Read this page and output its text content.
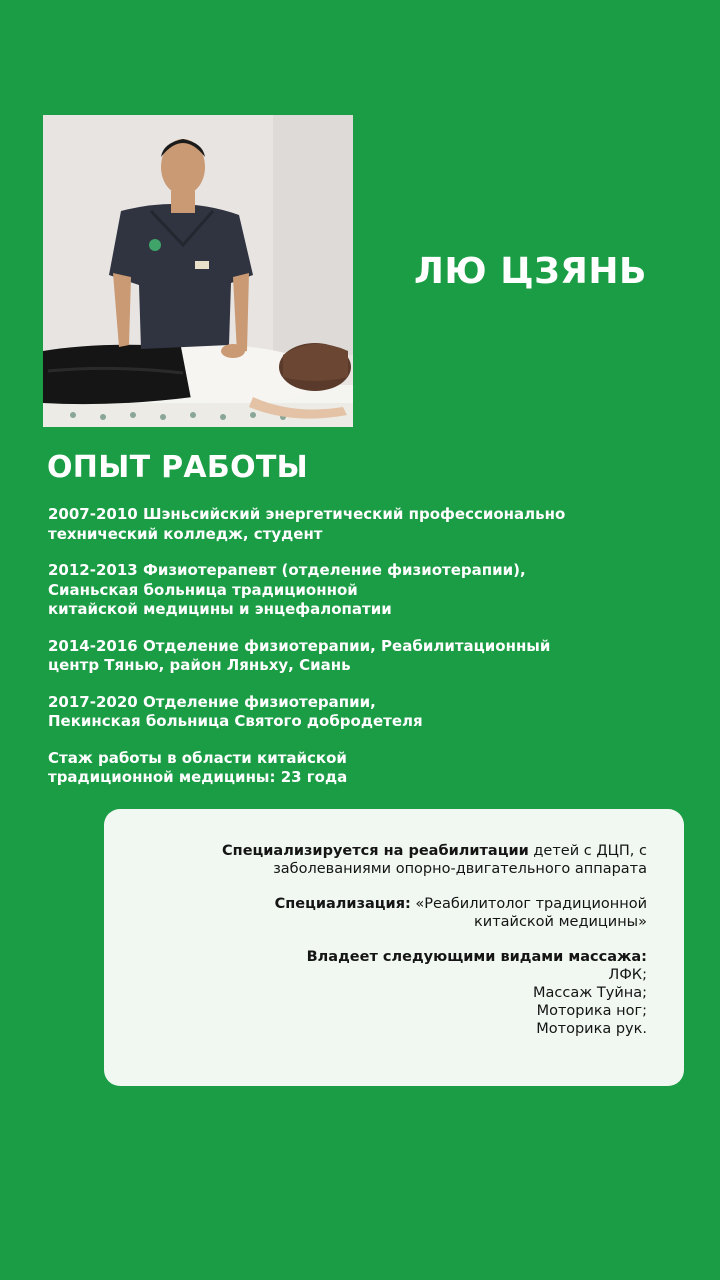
ЛЮ ЦЗЯНЬ
ОПЫТ РАБОТЫ
2007-2010 Шэньсийский энергетический профессионально
технический колледж, студент
2012-2013 Физиотерапевт (отделение физиотерапии),
Сианьская больница традиционной
китайской медицины и энцефалопатии
2014-2016 Отделение физиотерапии, Реабилитационный
центр Тянью, район Ляньху, Сиань
2017-2020 Отделение физиотерапии,
Пекинская больница Святого добродетеля
Стаж работы в области китайской
традиционной медицины: 23 года
Специализируется на реабилитации детей с ДЦП, с
заболеваниями опорно-двигательного аппарата
Специализация: «Реабилитолог традиционной
китайской медицины»
Владеет следующими видами массажа:
ЛФК;
Массаж Туйна;
Моторика ног;
Моторика рук.
